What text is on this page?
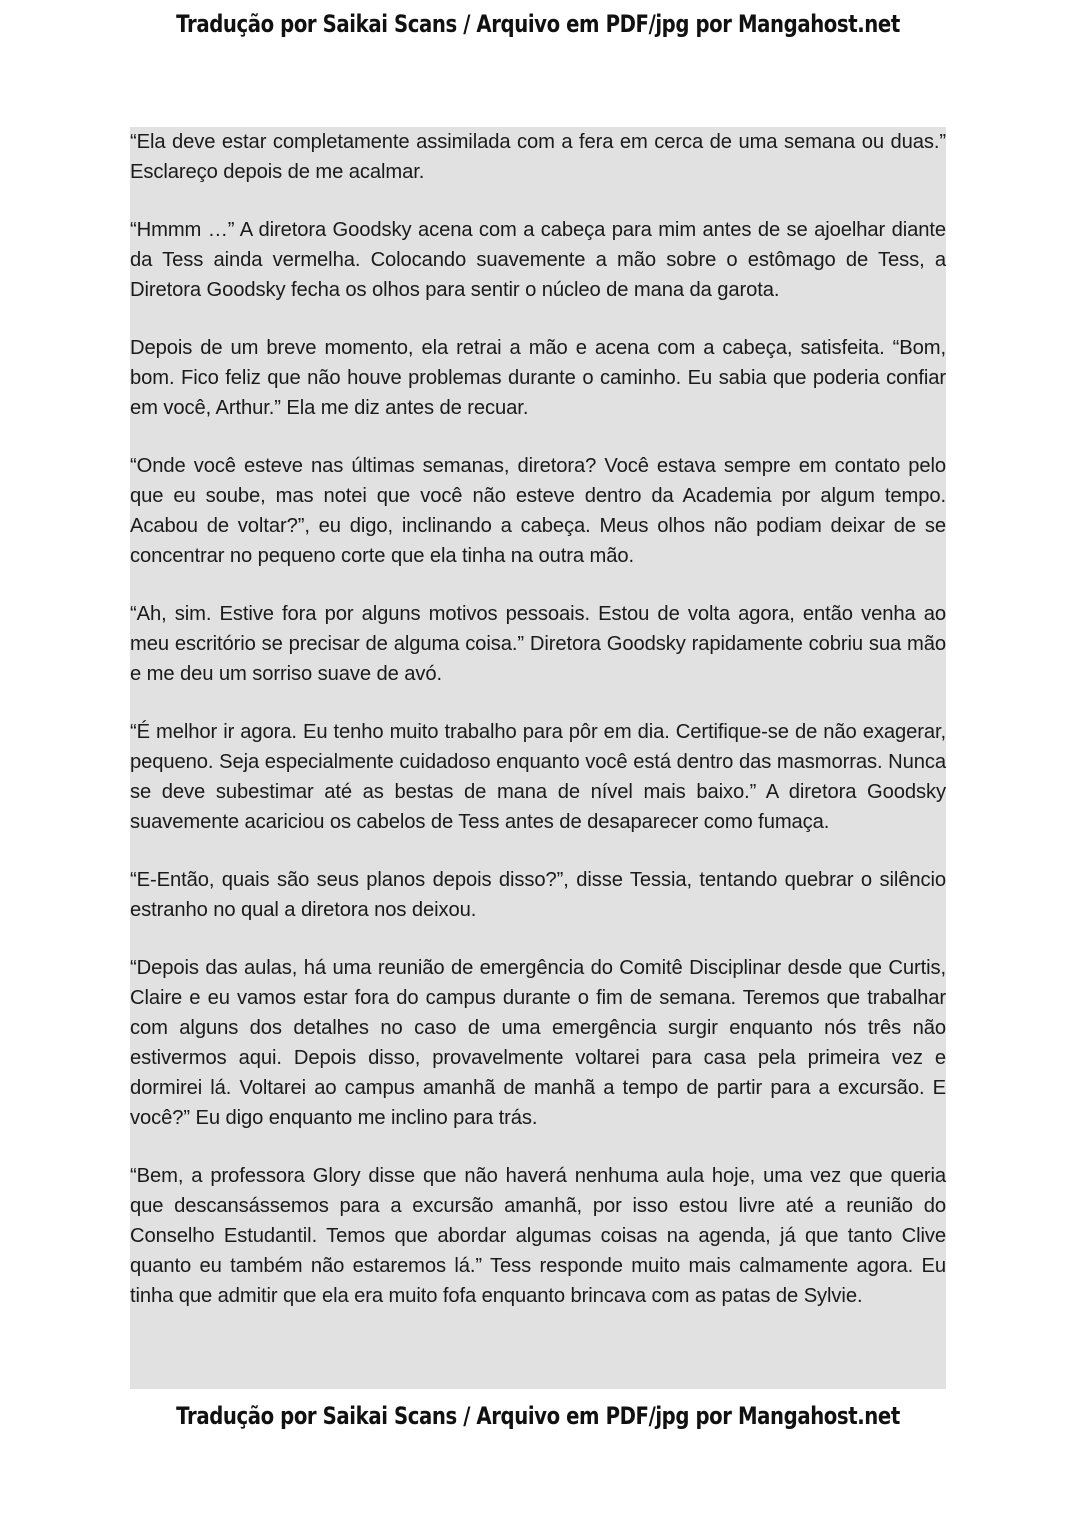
Tradução por Saikai Scans / Arquivo em PDF/jpg por Mangahost.net

“Ela deve estar completamente assimilada com a fera em cerca de uma semana ou duas.” Esclareço depois de me acalmar.

“Hmmm …” A diretora Goodsky acena com a cabeça para mim antes de se ajoelhar diante da Tess ainda vermelha. Colocando suavemente a mão sobre o estômago de Tess, a Diretora Goodsky fecha os olhos para sentir o núcleo de mana da garota.

Depois de um breve momento, ela retrai a mão e acena com a cabeça, satisfeita. “Bom, bom. Fico feliz que não houve problemas durante o caminho. Eu sabia que poderia confiar em você, Arthur.” Ela me diz antes de recuar.

“Onde você esteve nas últimas semanas, diretora? Você estava sempre em contato pelo que eu soube, mas notei que você não esteve dentro da Academia por algum tempo. Acabou de voltar?”, eu digo, inclinando a cabeça. Meus olhos não podiam deixar de se concentrar no pequeno corte que ela tinha na outra mão.

“Ah, sim. Estive fora por alguns motivos pessoais. Estou de volta agora, então venha ao meu escritório se precisar de alguma coisa.” Diretora Goodsky rapidamente cobriu sua mão e me deu um sorriso suave de avó.

“É melhor ir agora. Eu tenho muito trabalho para pôr em dia. Certifique-se de não exagerar, pequeno. Seja especialmente cuidadoso enquanto você está dentro das masmorras. Nunca se deve subestimar até as bestas de mana de nível mais baixo.” A diretora Goodsky suavemente acariciou os cabelos de Tess antes de desaparecer como fumaça.

“E-Então, quais são seus planos depois disso?”, disse Tessia, tentando quebrar o silêncio estranho no qual a diretora nos deixou.

“Depois das aulas, há uma reunião de emergência do Comitê Disciplinar desde que Curtis, Claire e eu vamos estar fora do campus durante o fim de semana. Teremos que trabalhar com alguns dos detalhes no caso de uma emergência surgir enquanto nós três não estivermos aqui. Depois disso, provavelmente voltarei para casa pela primeira vez e dormirei lá. Voltarei ao campus amanhã de manhã a tempo de partir para a excursão. E você?” Eu digo enquanto me inclino para trás.

“Bem, a professora Glory disse que não haverá nenhuma aula hoje, uma vez que queria que descansássemos para a excursão amanhã, por isso estou livre até a reunião do Conselho Estudantil. Temos que abordar algumas coisas na agenda, já que tanto Clive quanto eu também não estaremos lá.” Tess responde muito mais calmamente agora. Eu tinha que admitir que ela era muito fofa enquanto brincava com as patas de Sylvie.

Tradução por Saikai Scans / Arquivo em PDF/jpg por Mangahost.net
